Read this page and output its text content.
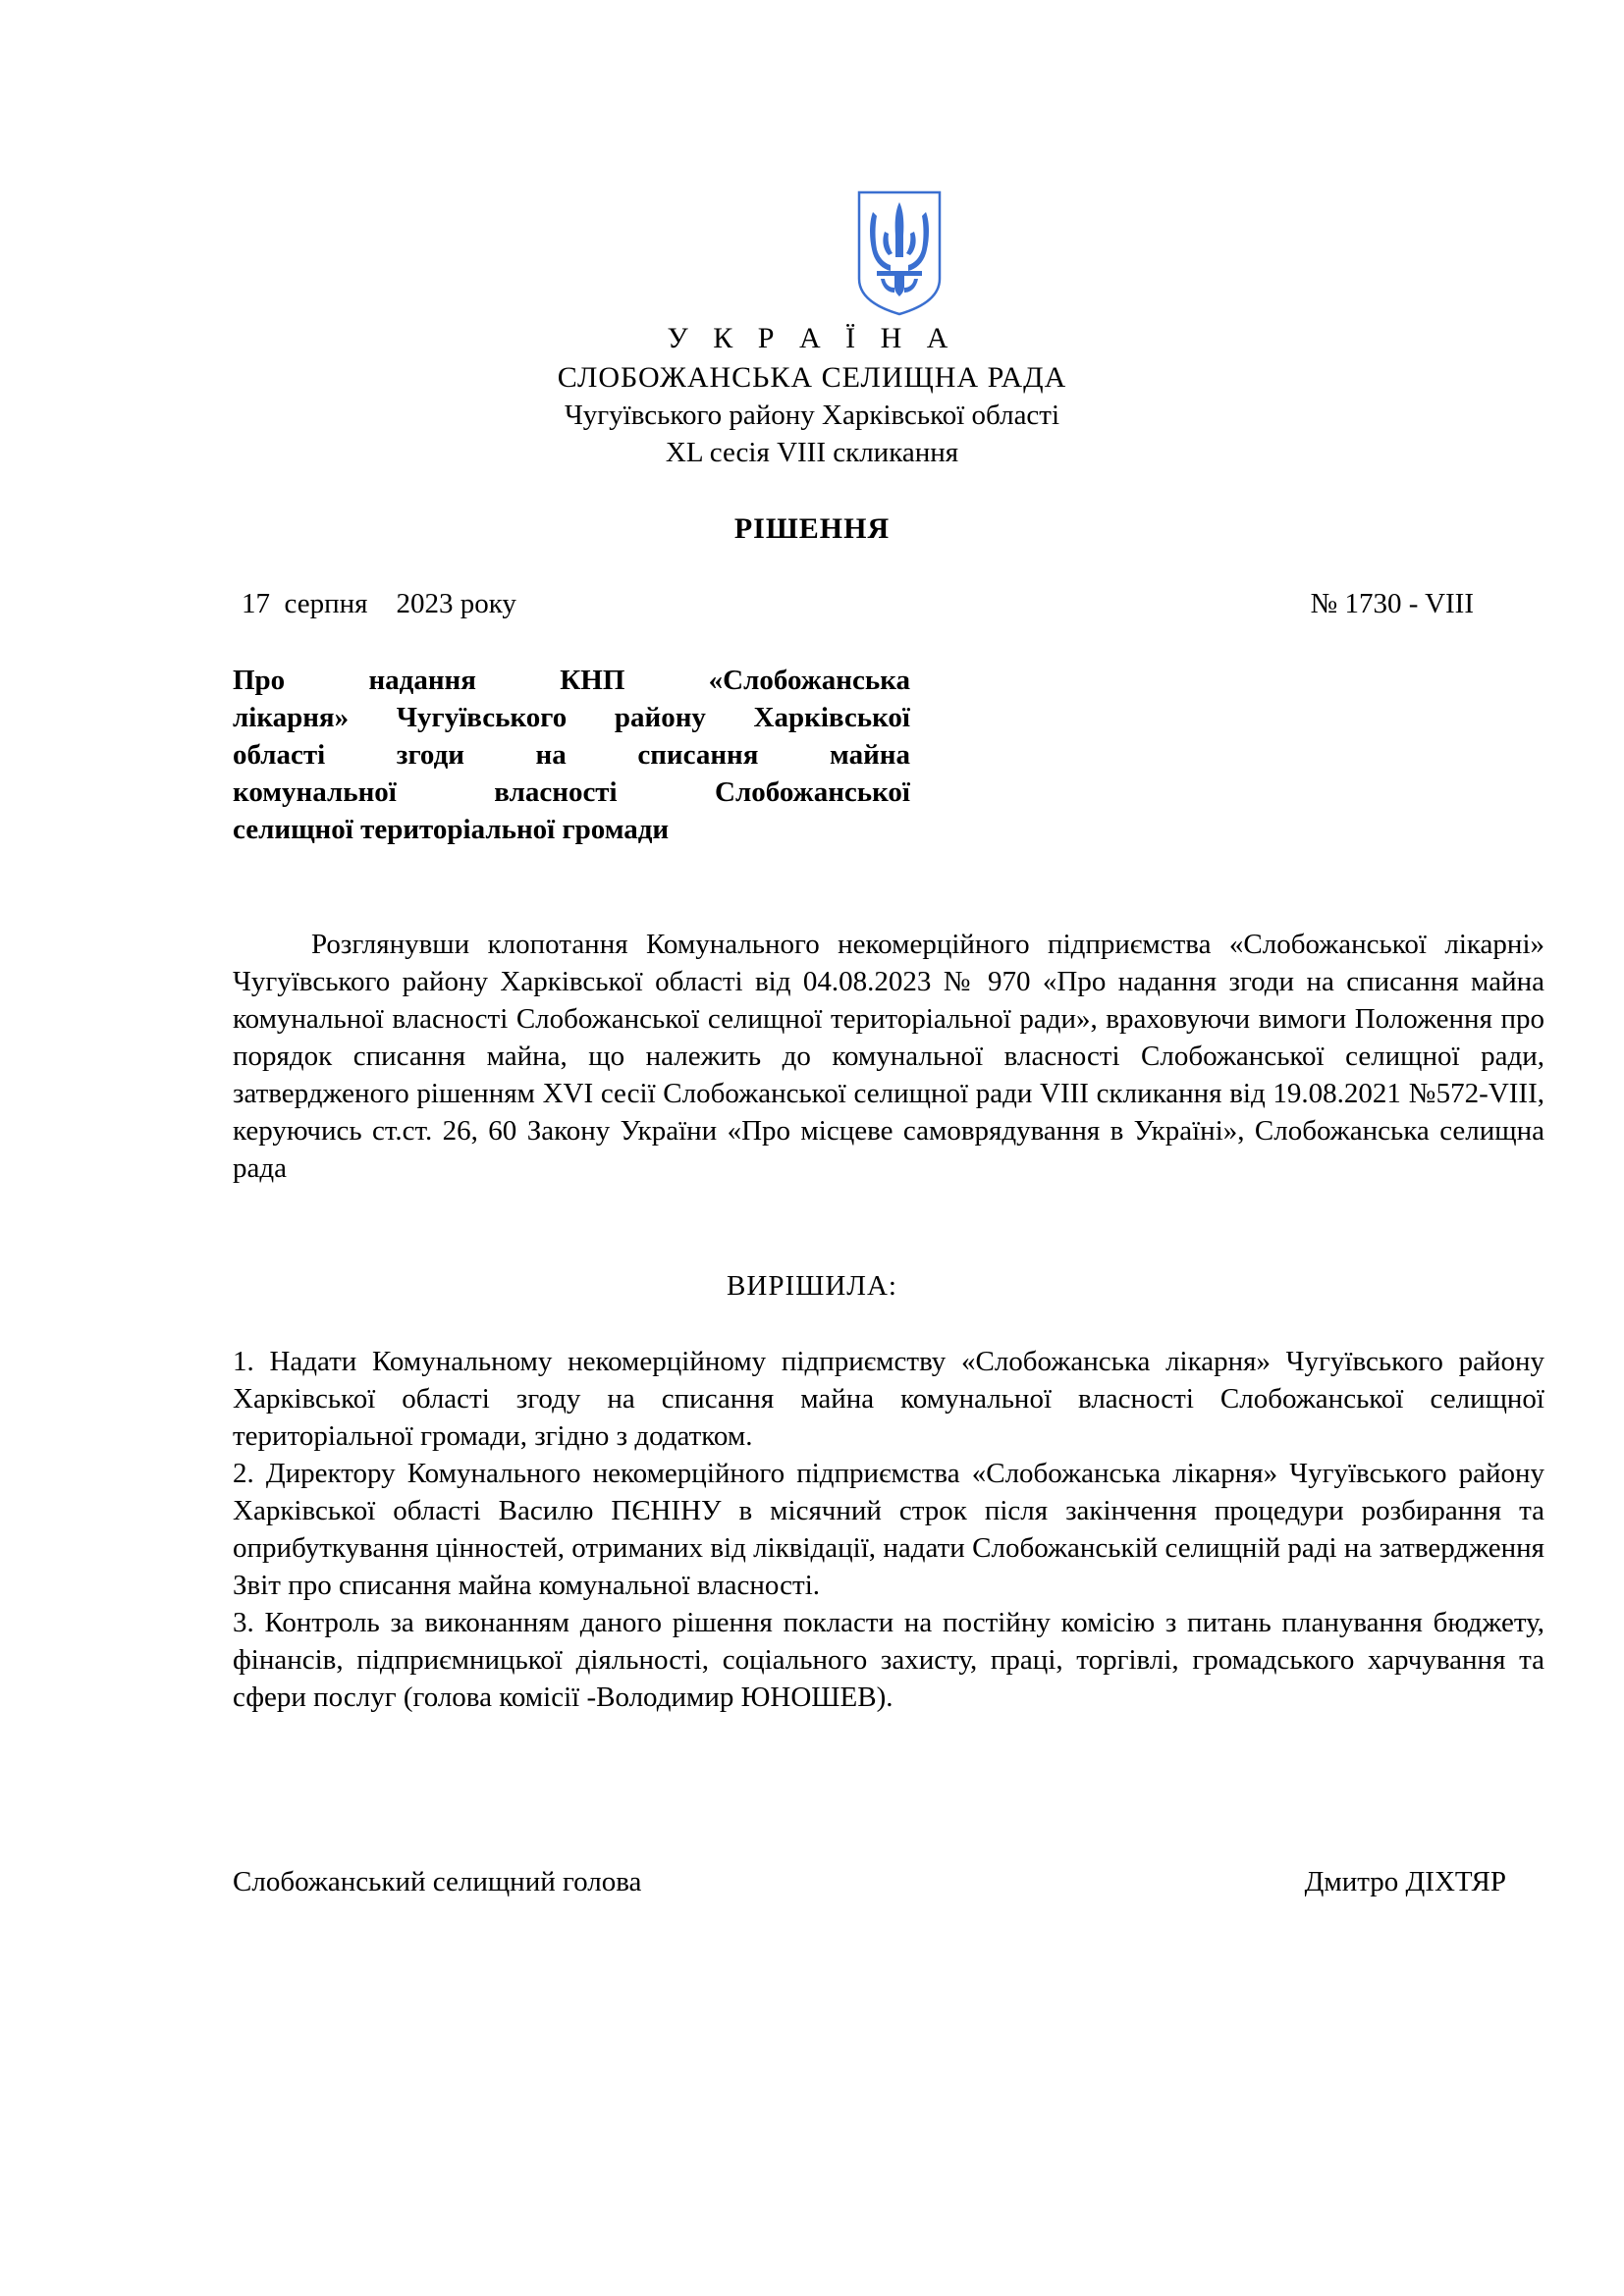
У К Р А Ї Н А
СЛОБОЖАНСЬКА СЕЛИЩНА РАДА
Чугуївського району Харківської області
XL сесія VIII скликання
РІШЕННЯ
17  серпня    2023 року	№ 1730 - VIII
Про надання КНП «Слобожанська
лікарня» Чугуївського району Харківської
області згоди на списання майна
комунальної власності Слобожанської
селищної територіальної громади

Розглянувши клопотання Комунального некомерційного підприємства «Слобожанської лікарні» Чугуївського району Харківської області від 04.08.2023 № 970 «Про надання згоди на списання майна комунальної власності Слобожанської селищної територіальної ради», враховуючи вимоги Положення про порядок списання майна, що належить до комунальної власності Слобожанської селищної ради, затвердженого рішенням XVI сесії Слобожанської селищної ради VIII скликання від 19.08.2021 №572-VIII, керуючись ст.ст. 26, 60 Закону України «Про місцеве самоврядування в Україні», Слобожанська селищна рада

ВИРІШИЛА:

1. Надати Комунальному некомерційному підприємству «Слобожанська лікарня» Чугуївського району Харківської області згоду на списання майна комунальної власності Слобожанської селищної територіальної громади, згідно з додатком.

2. Директору Комунального некомерційного підприємства «Слобожанська лікарня» Чугуївського району Харківської області Василю ПЄНІНУ в місячний строк після закінчення процедури розбирання та оприбуткування цінностей, отриманих від ліквідації, надати Слобожанській селищній раді на затвердження Звіт про списання майна комунальної власності.

3. Контроль за виконанням даного рішення покласти на постійну комісію з питань планування бюджету, фінансів, підприємницької діяльності, соціального захисту, праці, торгівлі, громадського харчування та сфери послуг (голова комісії -Володимир ЮНОШЕВ).

Слобожанський селищний голова	Дмитро ДІХТЯР
